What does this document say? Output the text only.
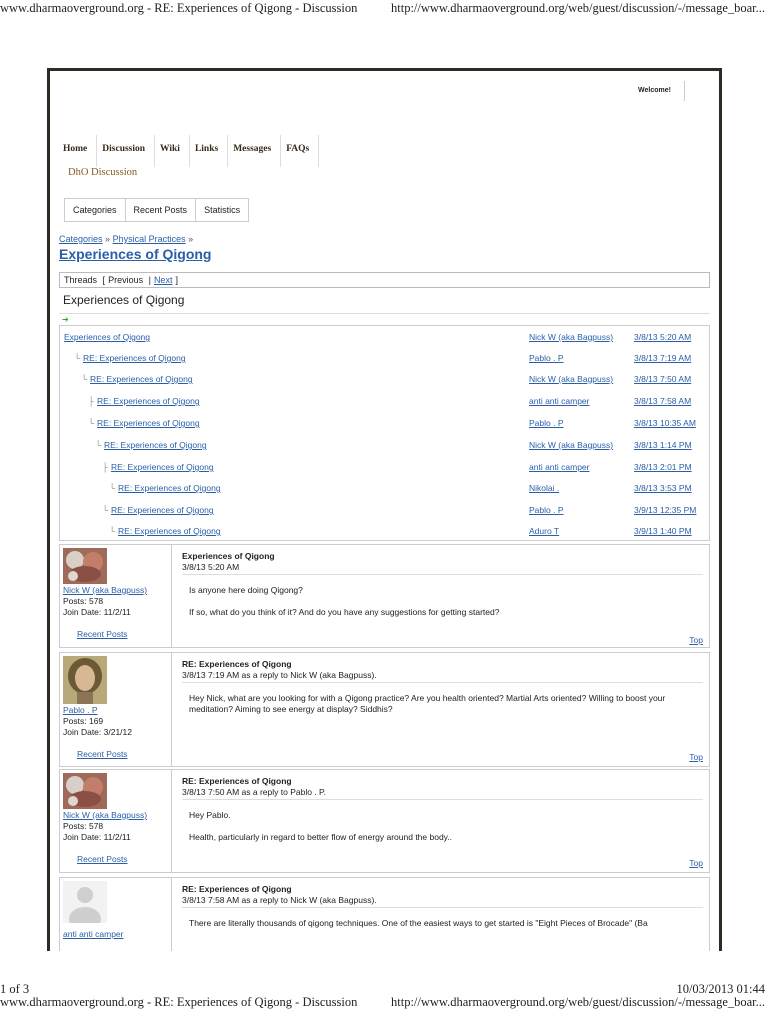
www.dharmaoverground.org - RE: Experiences of Qigong - Discussion	http://www.dharmaoverground.org/web/guest/discussion/-/message_boar...
Welcome!
Home	Discussion	Wiki	Links	Messages	FAQs
DhO Discussion
Categories	Recent Posts	Statistics
Categories » Physical Practices »
Experiences of Qigong
Threads [ Previous | Next ]
Experiences of Qigong
➔
Experiences of Qigong	Nick W (aka Bagpuss) 3/8/13 5:20 AM
└ RE: Experiences of Qigong	Pablo . P	3/8/13 7:19 AM
└ RE: Experiences of Qigong	Nick W (aka Bagpuss) 3/8/13 7:50 AM
├ RE: Experiences of Qigong	anti anti camper	3/8/13 7:58 AM
└ RE: Experiences of Qigong	Pablo . P	3/8/13 10:35 AM
└ RE: Experiences of Qigong	Nick W (aka Bagpuss) 3/8/13 1:14 PM
├ RE: Experiences of Qigong	anti anti camper	3/8/13 2:01 PM
└ RE: Experiences of Qigong	Nikolai .	3/8/13 3:53 PM
└ RE: Experiences of Qigong	Pablo . P	3/9/13 12:35 PM
└ RE: Experiences of Qigong	Aduro T	3/9/13 1:40 PM
Nick W (aka Bagpuss)
Posts: 578
Join Date: 11/2/11
Recent Posts
Experiences of Qigong
3/8/13 5:20 AM
Is anyone here doing Qigong?
If so, what do you think of it? And do you have any suggestions for getting started?
Top
Pablo . P
Posts: 169
Join Date: 3/21/12
Recent Posts
RE: Experiences of Qigong
3/8/13 7:19 AM as a reply to Nick W (aka Bagpuss).
Hey Nick, what are you looking for with a Qigong practice? Are you health oriented? Martial Arts oriented? Willing to boost your meditation? Aiming to see energy at display? Siddhis?
Top
Nick W (aka Bagpuss)
Posts: 578
Join Date: 11/2/11
Recent Posts
RE: Experiences of Qigong
3/8/13 7:50 AM as a reply to Pablo . P.
Hey Pablo.
Health, particularly in regard to better flow of energy around the body..
Top
anti anti camper
RE: Experiences of Qigong
3/8/13 7:58 AM as a reply to Nick W (aka Bagpuss).
There are literally thousands of qigong techniques. One of the easiest ways to get started is "Eight Pieces of Brocade" (Ba
1 of 3	10/03/2013 01:44
www.dharmaoverground.org - RE: Experiences of Qigong - Discussion	http://www.dharmaoverground.org/web/guest/discussion/-/message_boar...
